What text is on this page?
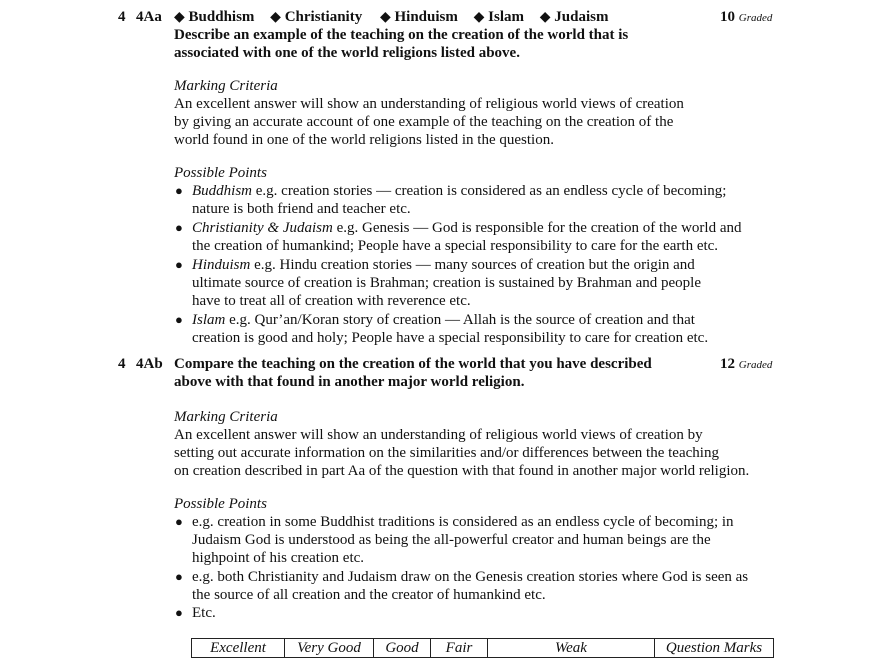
4 4Aa ◆ Buddhism ◆ Christianity ◆ Hinduism ◆ Islam ◆ Judaism	10 Graded
Describe an example of the teaching on the creation of the world that is
associated with one of the world religions listed above.
Marking Criteria
An excellent answer will show an understanding of religious world views of creation
by giving an accurate account of one example of the teaching on the creation of the
world found in one of the world religions listed in the question.
Possible Points
● Buddhism e.g. creation stories — creation is considered as an endless cycle of becoming;
nature is both friend and teacher etc.
● Christianity & Judaism e.g. Genesis — God is responsible for the creation of the world and
the creation of humankind; People have a special responsibility to care for the earth etc.
● Hinduism e.g. Hindu creation stories — many sources of creation but the origin and
ultimate source of creation is Brahman; creation is sustained by Brahman and people
have to treat all of creation with reverence etc.
● Islam e.g. Qur’an/Koran story of creation — Allah is the source of creation and that
creation is good and holy; People have a special responsibility to care for creation etc.
4 4Ab Compare the teaching on the creation of the world that you have described
above with that found in another major world religion.
12 Graded
Marking Criteria
An excellent answer will show an understanding of religious world views of creation by
setting out accurate information on the similarities and/or differences between the teaching
on creation described in part Aa of the question with that found in another major world religion.
Possible Points
● e.g. creation in some Buddhist traditions is considered as an endless cycle of becoming; in
Judaism God is understood as being the all-powerful creator and human beings are the
highpoint of his creation etc.
● e.g. both Christianity and Judaism draw on the Genesis creation stories where God is seen as
the source of all creation and the creator of humankind etc.
● Etc.
Excellent	Very Good	Good	Fair	Weak	Question Marks
